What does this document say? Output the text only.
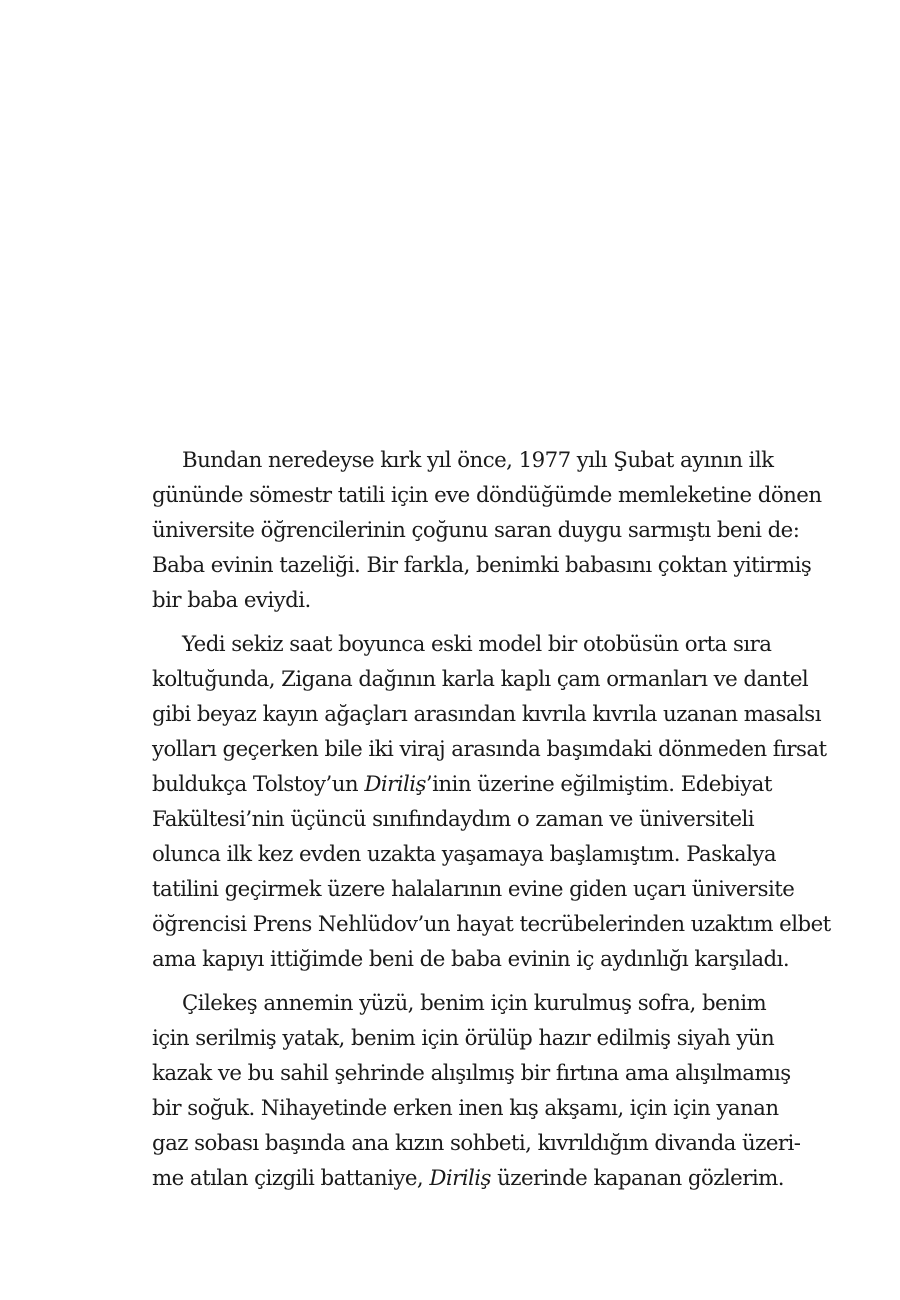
Bundan neredeyse kırk yıl önce, 1977 yılı Şubat ayının ilk
gününde sömestr tatili için eve döndüğümde memleketine dönen
üniversite öğrencilerinin çoğunu saran duygu sarmıştı beni de:
Baba evinin tazeliği. Bir farkla, benimki babasını çoktan yitirmiş
bir baba eviydi.
Yedi sekiz saat boyunca eski model bir otobüsün orta sıra
koltuğunda, Zigana dağının karla kaplı çam ormanları ve dantel
gibi beyaz kayın ağaçları arasından kıvrıla kıvrıla uzanan masalsı
yolları geçerken bile iki viraj arasında başımdaki dönmeden fırsat
buldukça Tolstoy’un Diriliş’inin üzerine eğilmiştim. Edebiyat
Fakültesi’nin üçüncü sınıfındaydım o zaman ve üniversiteli
olunca ilk kez evden uzakta yaşamaya başlamıştım. Paskalya
tatilini geçirmek üzere halalarının evine giden uçarı üniversite
öğrencisi Prens Nehlüdov’un hayat tecrübelerinden uzaktım elbet
ama kapıyı ittiğimde beni de baba evinin iç aydınlığı karşıladı.
Çilekeş annemin yüzü, benim için kurulmuş sofra, benim
için serilmiş yatak, benim için örülüp hazır edilmiş siyah yün
kazak ve bu sahil şehrinde alışılmış bir fırtına ama alışılmamış
bir soğuk. Nihayetinde erken inen kış akşamı, için için yanan
gaz sobası başında ana kızın sohbeti, kıvrıldığım divanda üzeri-
me atılan çizgili battaniye, Diriliş üzerinde kapanan gözlerim.
